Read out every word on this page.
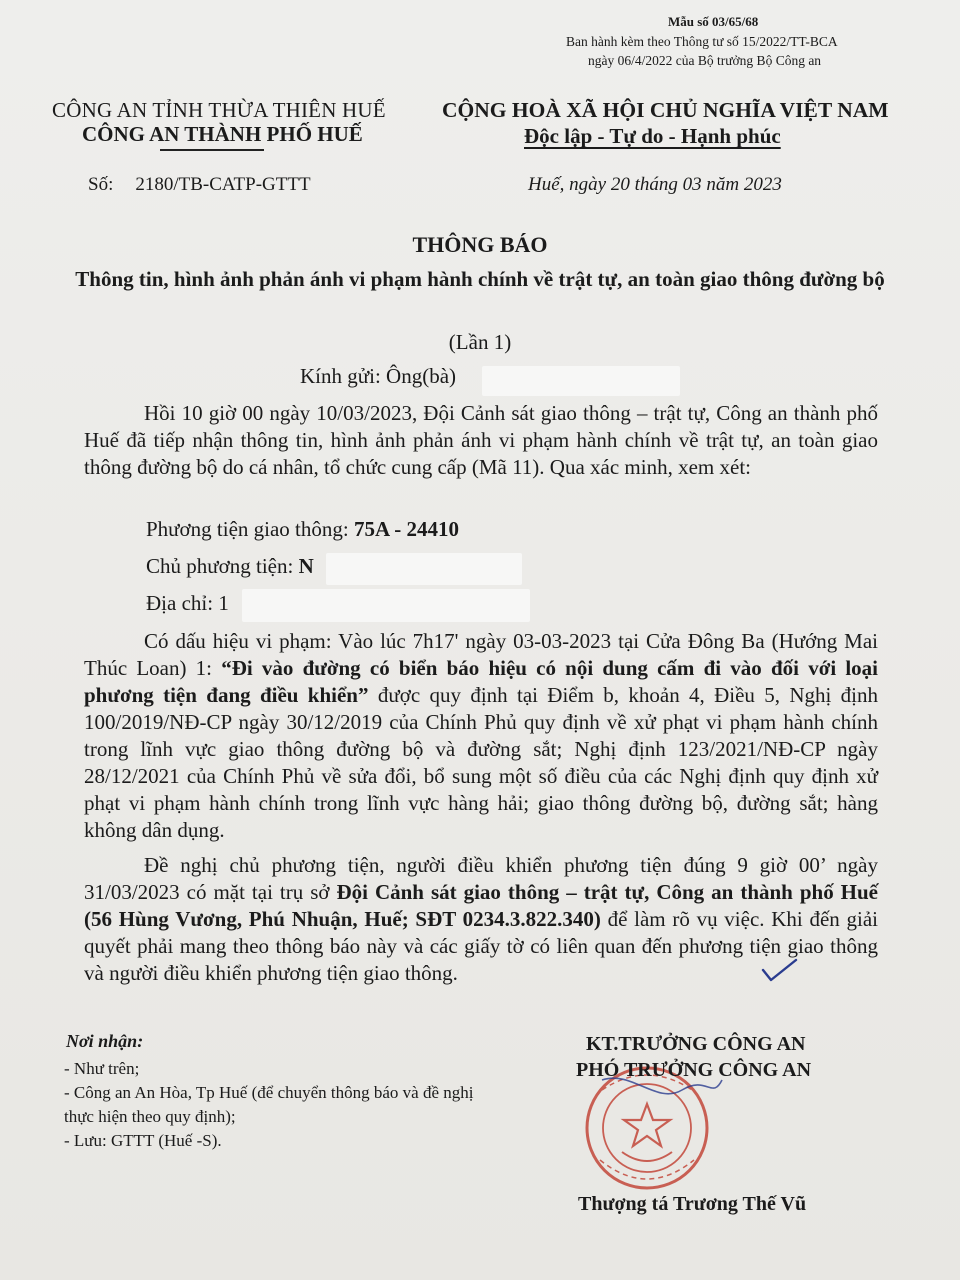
Mẫu số 03/65/68
Ban hành kèm theo Thông tư số 15/2022/TT-BCA
ngày 06/4/2022 của Bộ trưởng Bộ Công an
CÔNG AN TỈNH THỪA THIÊN HUẾ
CÔNG AN THÀNH PHỐ HUẾ
CỘNG HOÀ XÃ HỘI CHỦ NGHĨA VIỆT NAM
Độc lập - Tự do - Hạnh phúc
Số: 2180/TB-CATP-GTTT	Huế, ngày 20 tháng 03 năm 2023
THÔNG BÁO
Thông tin, hình ảnh phản ánh vi phạm hành chính về trật tự, an toàn giao thông đường bộ
(Lần 1)
Kính gửi: Ông(bà)
Hồi 10 giờ 00 ngày 10/03/2023, Đội Cảnh sát giao thông – trật tự, Công an thành phố Huế đã tiếp nhận thông tin, hình ảnh phản ánh vi phạm hành chính về trật tự, an toàn giao thông đường bộ do cá nhân, tổ chức cung cấp (Mã 11). Qua xác minh, xem xét:
Phương tiện giao thông: 75A - 24410
Chủ phương tiện: N
Địa chỉ: 1
Có dấu hiệu vi phạm: Vào lúc 7h17' ngày 03-03-2023 tại Cửa Đông Ba (Hướng Mai Thúc Loan) 1: “Đi vào đường có biển báo hiệu có nội dung cấm đi vào đối với loại phương tiện đang điều khiển” được quy định tại Điểm b, khoản 4, Điều 5, Nghị định 100/2019/NĐ-CP ngày 30/12/2019 của Chính Phủ quy định về xử phạt vi phạm hành chính trong lĩnh vực giao thông đường bộ và đường sắt; Nghị định 123/2021/NĐ-CP ngày 28/12/2021 của Chính Phủ về sửa đổi, bổ sung một số điều của các Nghị định quy định xử phạt vi phạm hành chính trong lĩnh vực hàng hải; giao thông đường bộ, đường sắt; hàng không dân dụng.
Đề nghị chủ phương tiện, người điều khiển phương tiện đúng 9 giờ 00’ ngày 31/03/2023 có mặt tại trụ sở Đội Cảnh sát giao thông – trật tự, Công an thành phố Huế (56 Hùng Vương, Phú Nhuận, Huế; SĐT 0234.3.822.340) để làm rõ vụ việc. Khi đến giải quyết phải mang theo thông báo này và các giấy tờ có liên quan đến phương tiện giao thông và người điều khiển phương tiện giao thông.
Nơi nhận:
- Như trên;
- Công an An Hòa, Tp Huế (để chuyển thông báo và đề nghị thực hiện theo quy định);
- Lưu: GTTT (Huế -S).
KT.TRƯỞNG CÔNG AN
PHÓ TRƯỞNG CÔNG AN
Thượng tá Trương Thế Vũ
